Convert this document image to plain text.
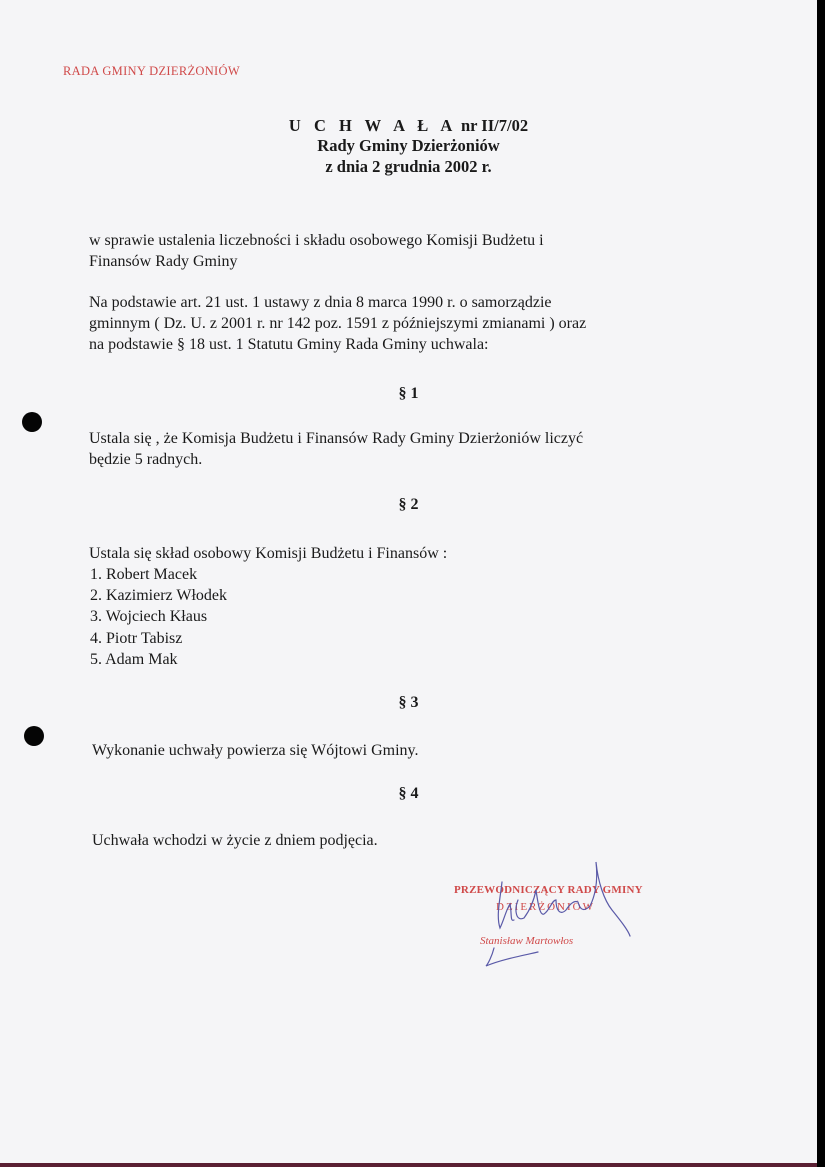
RADA GMINY DZIERŻONIÓW
U C H W A Ł A nr II/7/02
Rady Gminy Dzierżoniów
z dnia 2 grudnia 2002 r.
w sprawie ustalenia liczebności i składu osobowego Komisji Budżetu i
Finansów Rady Gminy
Na podstawie art. 21 ust. 1 ustawy z dnia 8 marca 1990 r. o samorządzie
gminnym ( Dz. U. z 2001 r. nr 142 poz. 1591 z późniejszymi zmianami ) oraz
na podstawie § 18 ust. 1 Statutu Gminy Rada Gminy uchwala:
§ 1
Ustala się , że Komisja Budżetu i Finansów Rady Gminy Dzierżoniów liczyć
będzie 5 radnych.
§ 2
Ustala się skład osobowy Komisji Budżetu i Finansów :
1. Robert Macek
2. Kazimierz Włodek
3. Wojciech Kłaus
4. Piotr Tabisz
5. Adam Mak
§ 3
Wykonanie uchwały powierza się Wójtowi Gminy.
§ 4
Uchwała wchodzi w życie z dniem podjęcia.
PRZEWODNICZĄCY RADY GMINY
DZIERŻONIÓW
Stanisław Martowłos
